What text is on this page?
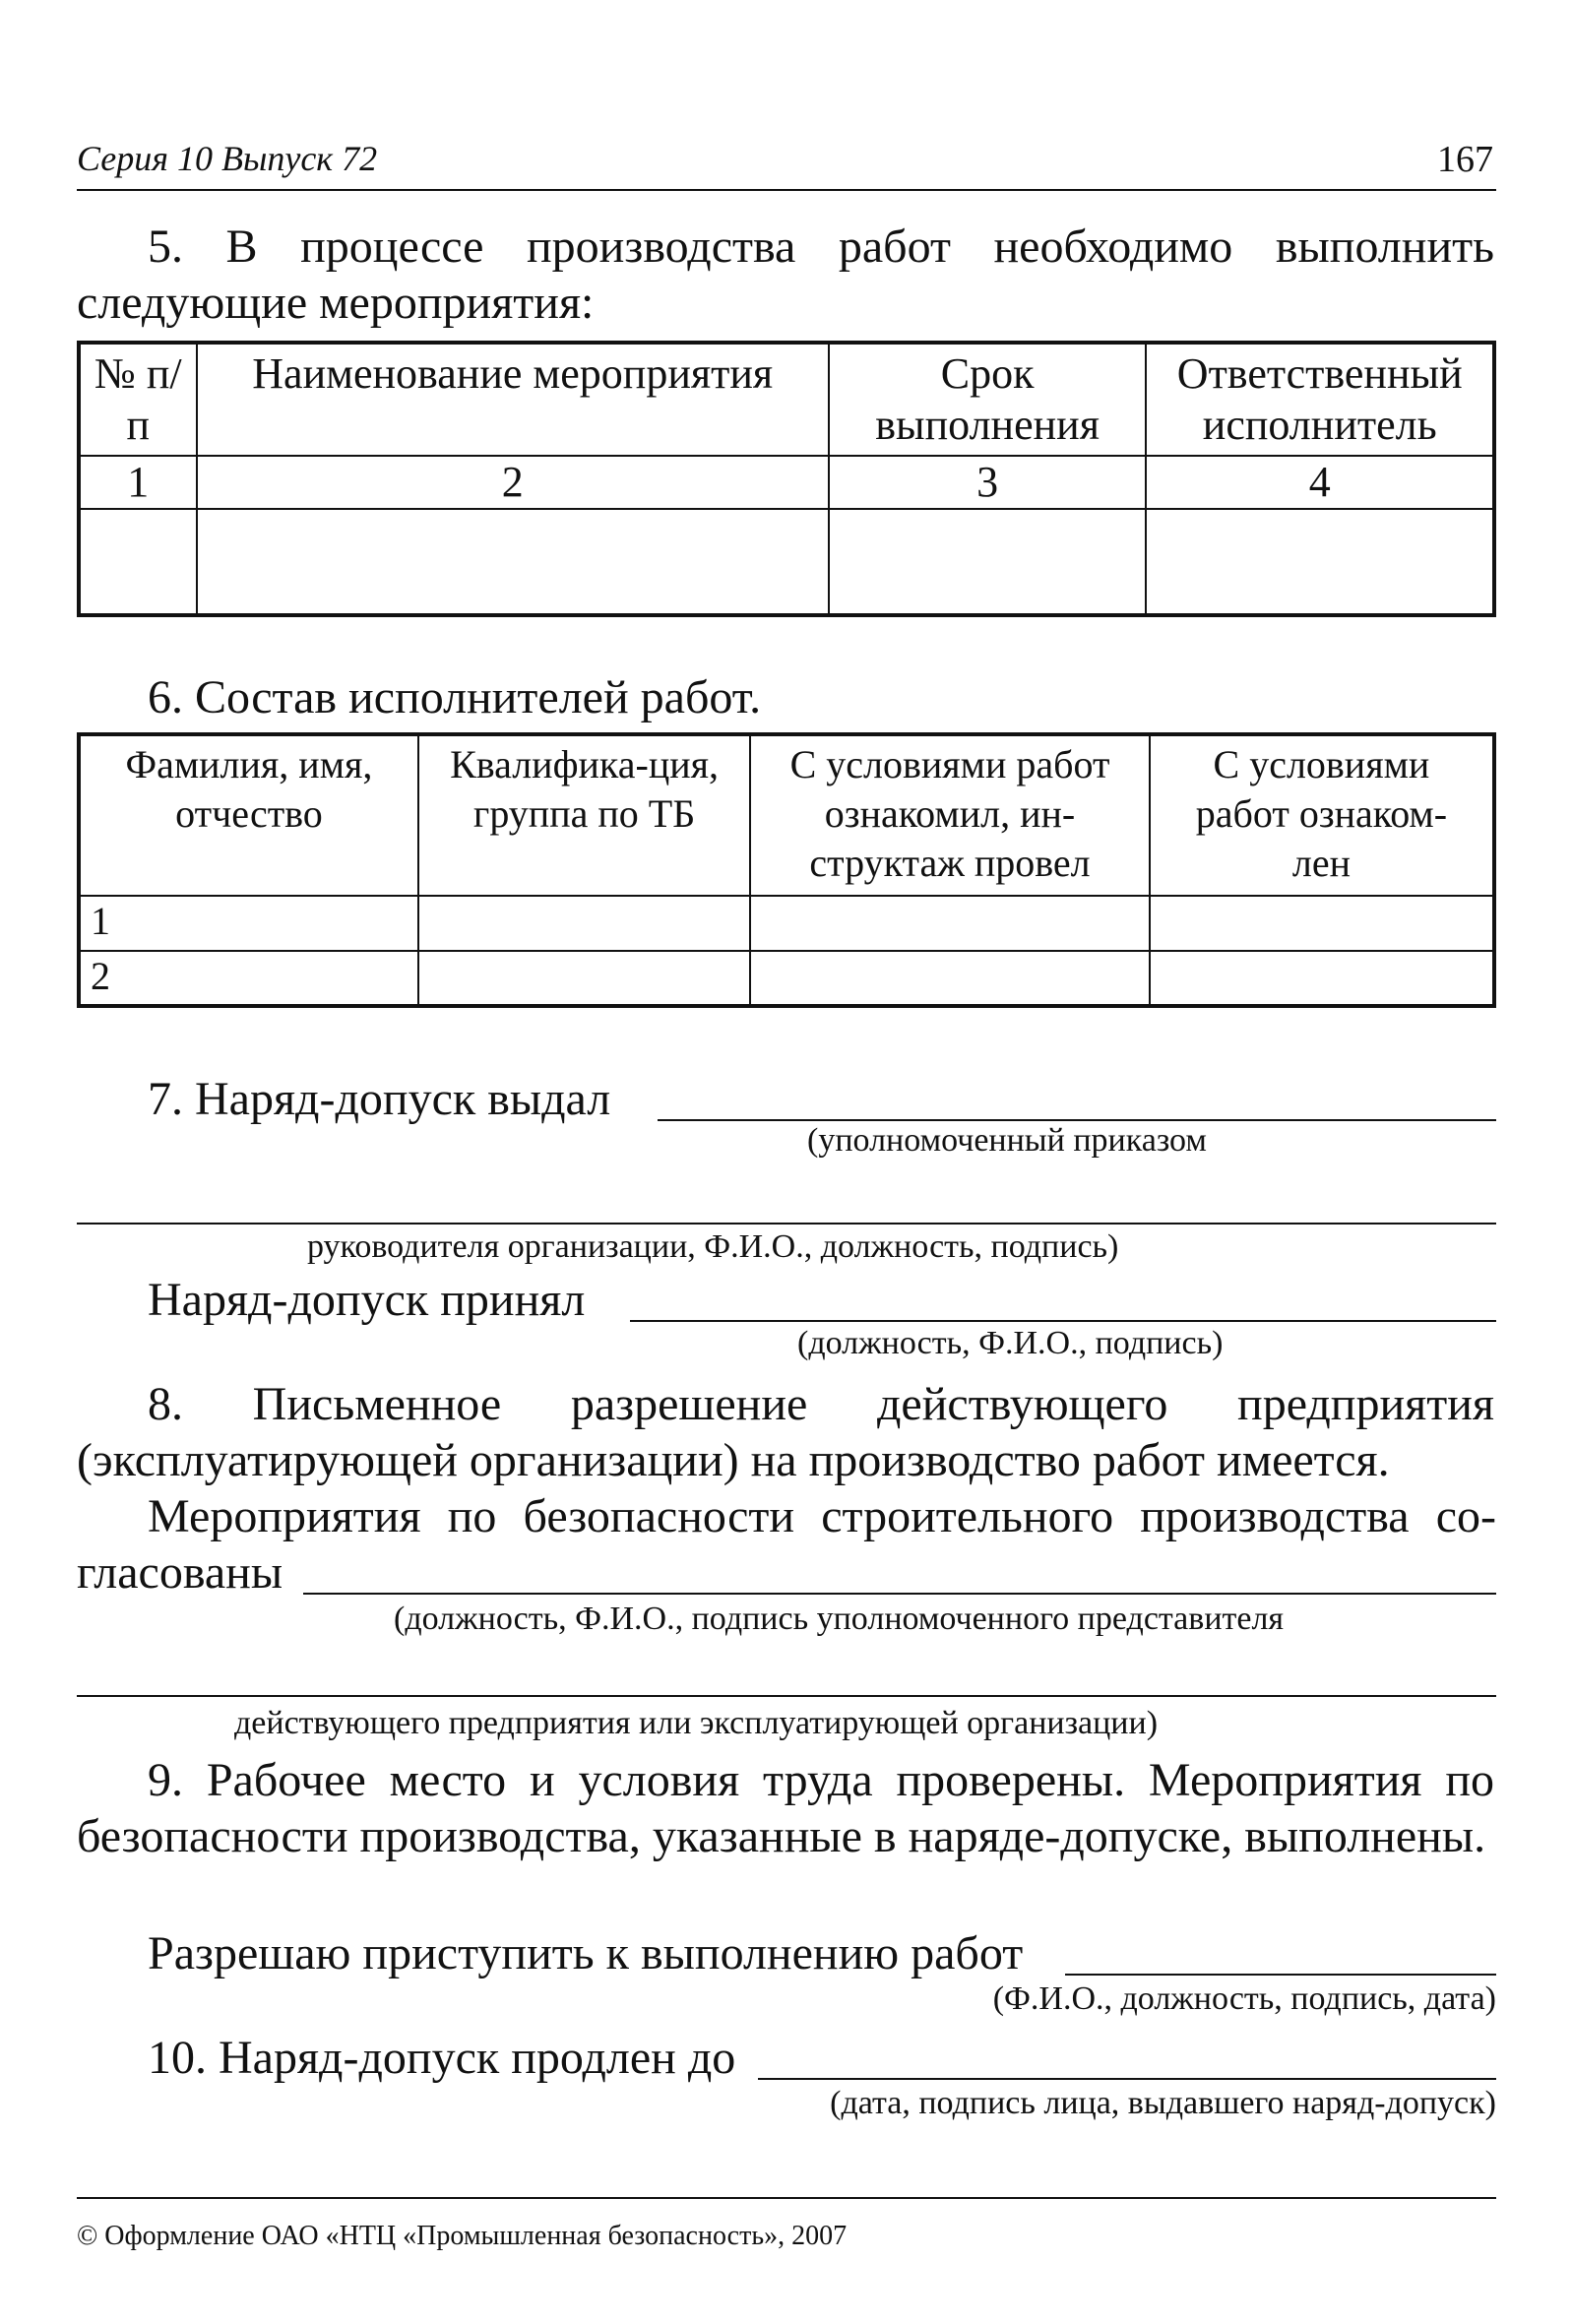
Серия 10 Выпуск 72	167
5. В процессе производства работ необходимо выполнить следующие мероприятия:
№ п/п	Наименование мероприятия	Срок выполнения	Ответственный исполнитель
1	2	3	4

6. Состав исполнителей работ.
Фамилия, имя, отчество	Квалифика-ция, группа по ТБ	С условиями работ ознакомил, ин-структаж провел	С условиями работ ознаком-лен
1			
2			
7. Наряд-допуск выдал
(уполномоченный приказом
руководителя организации, Ф.И.О., должность, подпись)
Наряд-допуск принял
(должность, Ф.И.О., подпись)
8. Письменное разрешение действующего предприятия (эксплуатирующей организации) на производство работ имеется.
Мероприятия по безопасности строительного производства со-
гласованы
(должность, Ф.И.О., подпись уполномоченного представителя
действующего предприятия или эксплуатирующей организации)
9. Рабочее место и условия труда проверены. Мероприятия по безопасности производства, указанные в наряде-допуске, выполнены.
Разрешаю приступить к выполнению работ
(Ф.И.О., должность, подпись, дата)
10. Наряд-допуск продлен до
(дата, подпись лица, выдавшего наряд-допуск)
© Оформление ОАО «НТЦ «Промышленная безопасность», 2007
